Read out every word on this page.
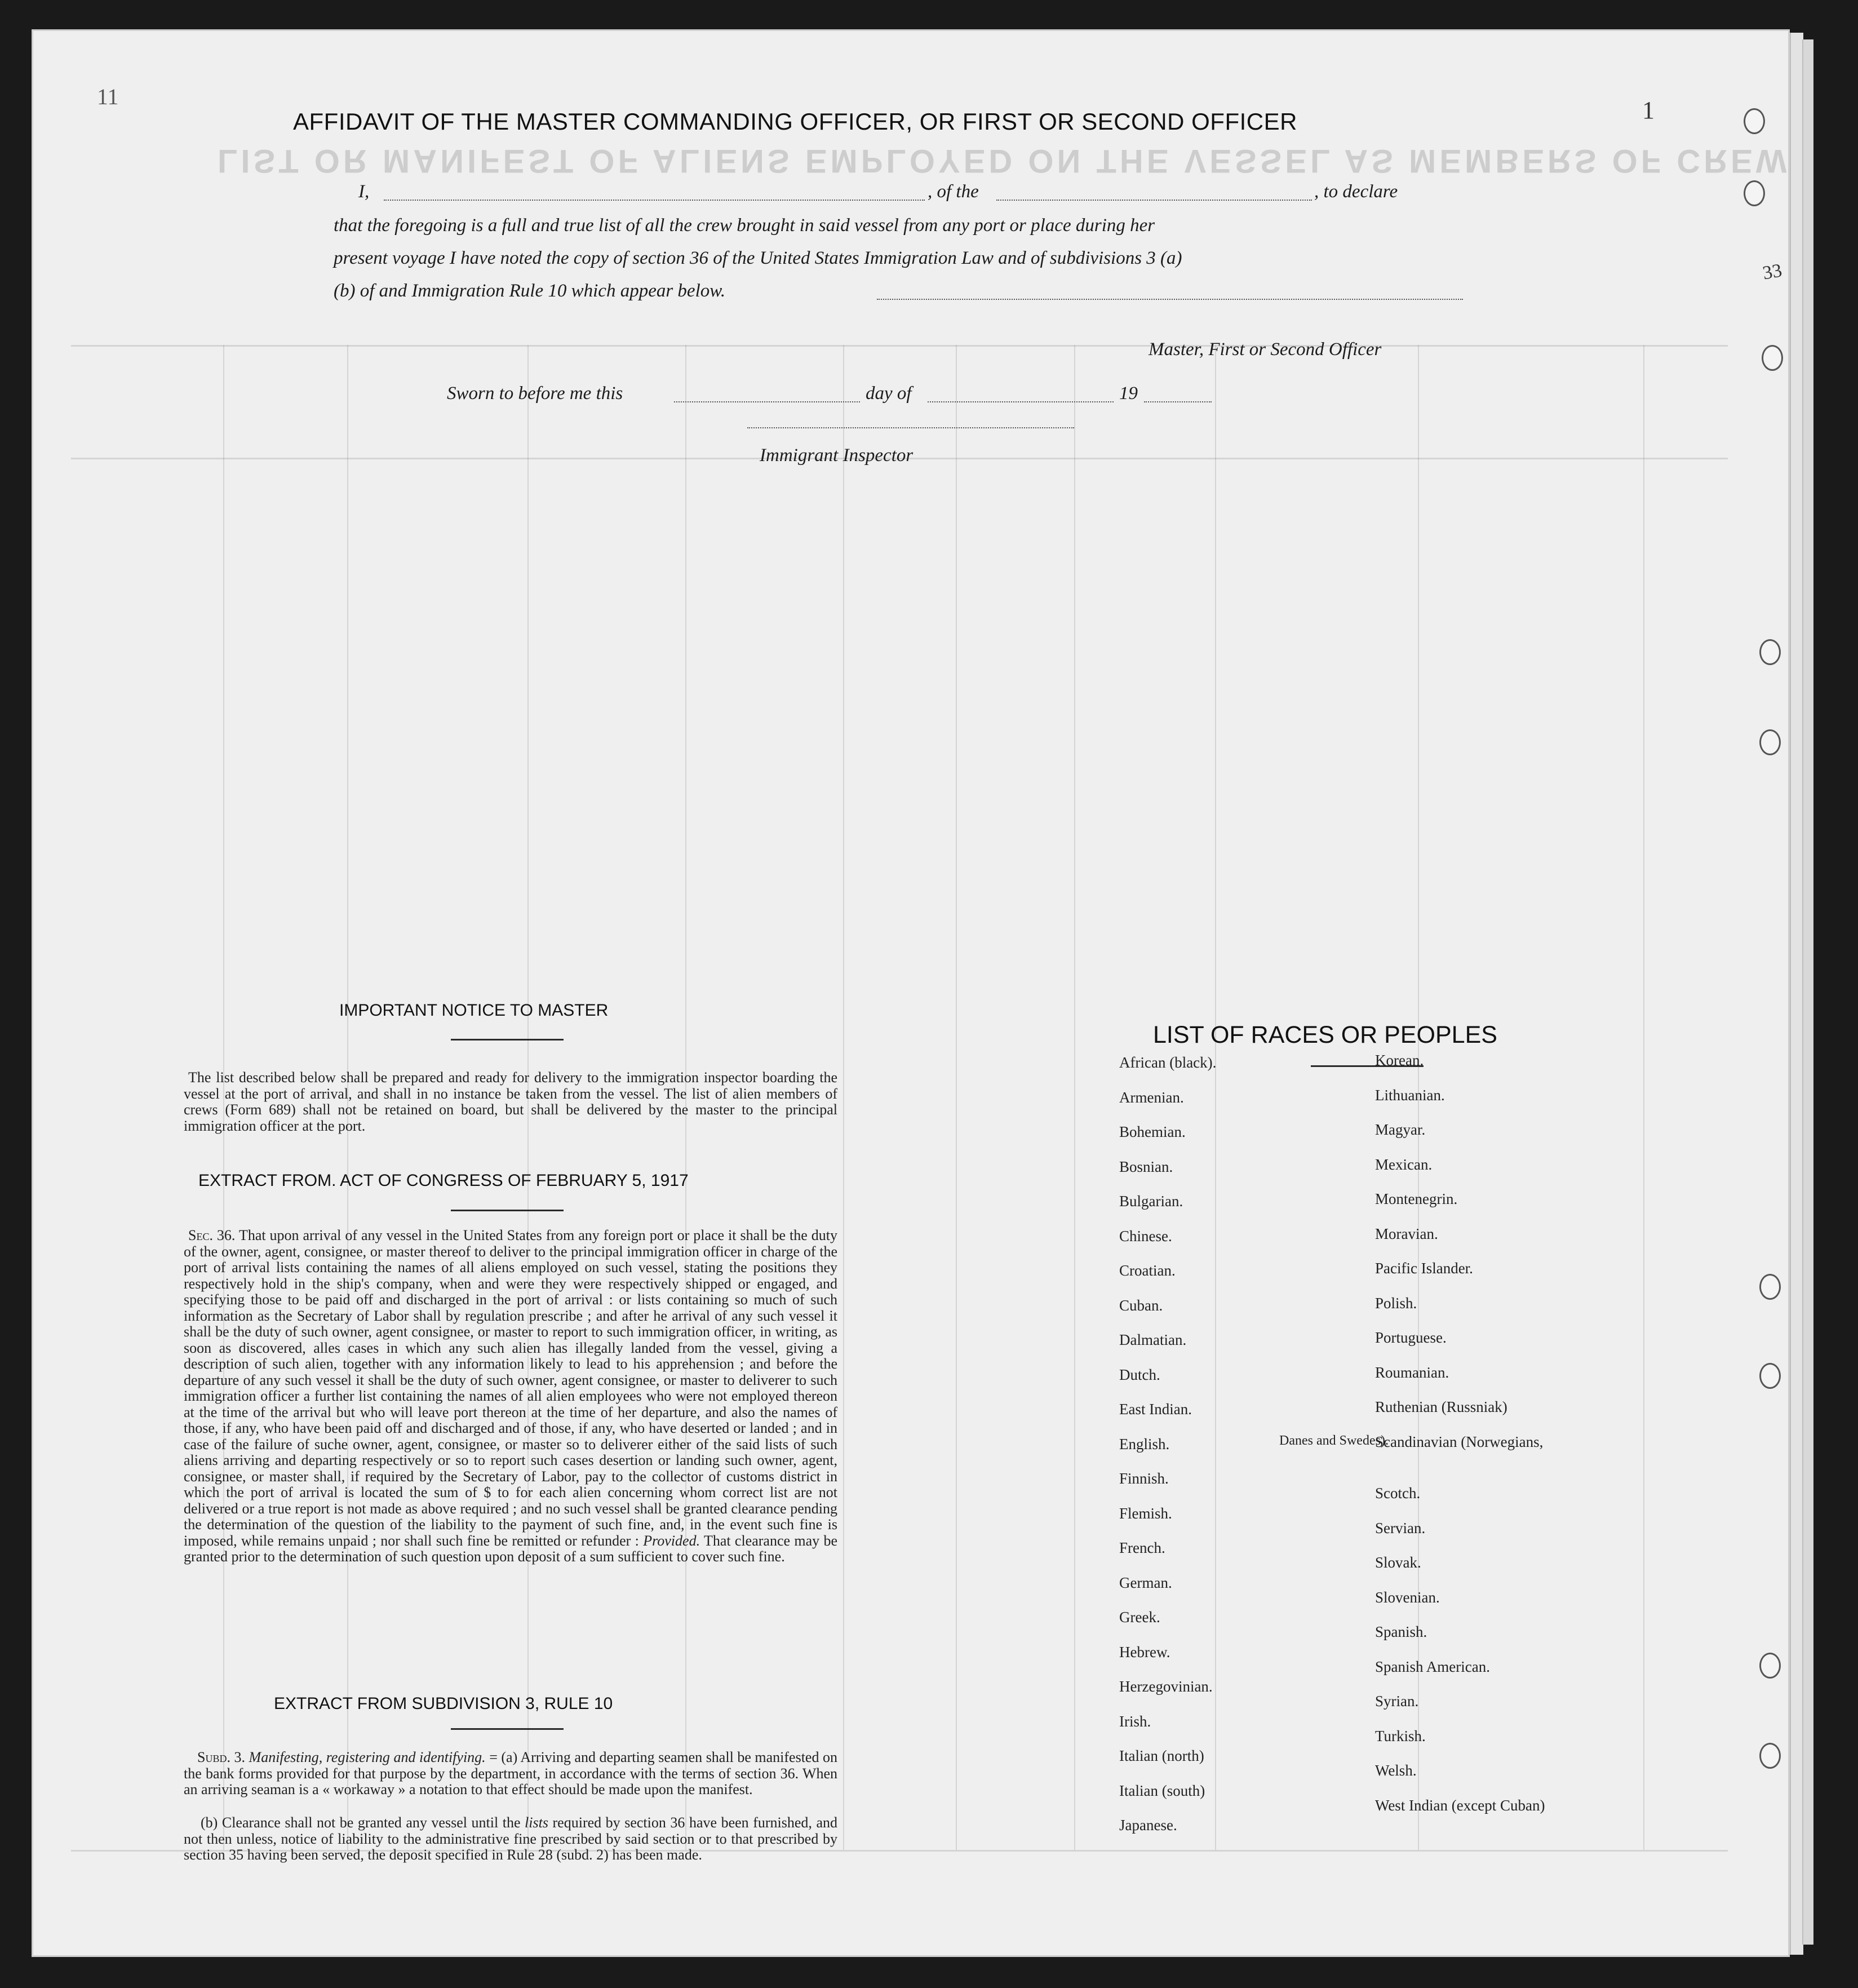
LIST OR MANIFEST OF ALIENS EMPLOYED ON THE VESSEL AS MEMBERS OF CREW
11	1
33
AFFIDAVIT OF THE MASTER COMMANDING OFFICER, OR FIRST OR SECOND OFFICER
I,	, of the	, to declare
that the foregoing is a full and true list of all the crew brought in said vessel from any port or place during her
present voyage I have noted the copy of section 36 of the United States Immigration Law and of subdivisions 3 (a)
(b) of and Immigration Rule 10 which appear below.
Master, First or Second Officer
Sworn to before me this	day of	19
Immigrant Inspector
IMPORTANT NOTICE TO MASTER
The list described below shall be prepared and ready for delivery to the immigration inspector boarding the vessel at the port of arrival, and shall in no instance be taken from the vessel. The list of alien members of crews (Form 689) shall not be retained on board, but shall be delivered by the master to the principal immigration officer at the port.
EXTRACT FROM. ACT OF CONGRESS OF FEBRUARY 5, 1917
Sec. 36. That upon arrival of any vessel in the United States from any foreign port or place it shall be the duty of the owner, agent, consignee, or master thereof to deliver to the principal immigration officer in charge of the port of arrival lists containing the names of all aliens employed on such vessel, stating the positions they respectively hold in the ship's company, when and were they were respectively shipped or engaged, and specifying those to be paid off and discharged in the port of arrival : or lists containing so much of such information as the Secretary of Labor shall by regulation prescribe ; and after he arrival of any such vessel it shall be the duty of such owner, agent consignee, or master to report to such immigration officer, in writing, as soon as discovered, alles cases in which any such alien has illegally landed from the vessel, giving a description of such alien, together with any information likely to lead to his apprehension ; and before the departure of any such vessel it shall be the duty of such owner, agent consignee, or master to deliverer to such immigration officer a further list containing the names of all alien employees who were not employed thereon at the time of the arrival but who will leave port thereon at the time of her departure, and also the names of those, if any, who have been paid off and discharged and of those, if any, who have deserted or landed ; and in case of the failure of suche owner, agent, consignee, or master so to deliverer either of the said lists of such aliens arriving and departing respectively or so to report such cases desertion or landing such owner, agent, consignee, or master shall, if required by the Secretary of Labor, pay to the collector of customs district in which the port of arrival is located the sum of $ to for each alien concerning whom correct list are not delivered or a true report is not made as above required ; and no such vessel shall be granted clearance pending the determination of the question of the liability to the payment of such fine, and, in the event such fine is imposed, while remains unpaid ; nor shall such fine be remitted or refunder : Provided. That clearance may be granted prior to the determination of such question upon deposit of a sum sufficient to cover such fine.
EXTRACT FROM SUBDIVISION 3, RULE 10
Subd. 3. Manifesting, registering and identifying. = (a) Arriving and departing seamen shall be manifested on the bank forms provided for that purpose by the department, in accordance with the terms of section 36. When an arriving seaman is a « workaway » a notation to that effect should be made upon the manifest.
(b) Clearance shall not be granted any vessel until the lists required by section 36 have been furnished, and not then unless, notice of liability to the administrative fine prescribed by said section or to that prescribed by section 35 having been served, the deposit specified in Rule 28 (subd. 2) has been made.
LIST OF RACES OR PEOPLES
African (black).
Armenian.
Bohemian.
Bosnian.
Bulgarian.
Chinese.
Croatian.
Cuban.
Dalmatian.
Dutch.
East Indian.
English.
Finnish.
Flemish.
French.
German.
Greek.
Hebrew.
Herzegovinian.
Irish.
Italian (north)
Italian (south)
Japanese.
Korean.
Lithuanian.
Magyar.
Mexican.
Montenegrin.
Moravian.
Pacific Islander.
Polish.
Portuguese.
Roumanian.
Ruthenian (Russniak)
Scandinavian (Norwegians,
Danes and Swedes).
Scotch.
Servian.
Slovak.
Slovenian.
Spanish.
Spanish American.
Syrian.
Turkish.
Welsh.
West Indian (except Cuban)
